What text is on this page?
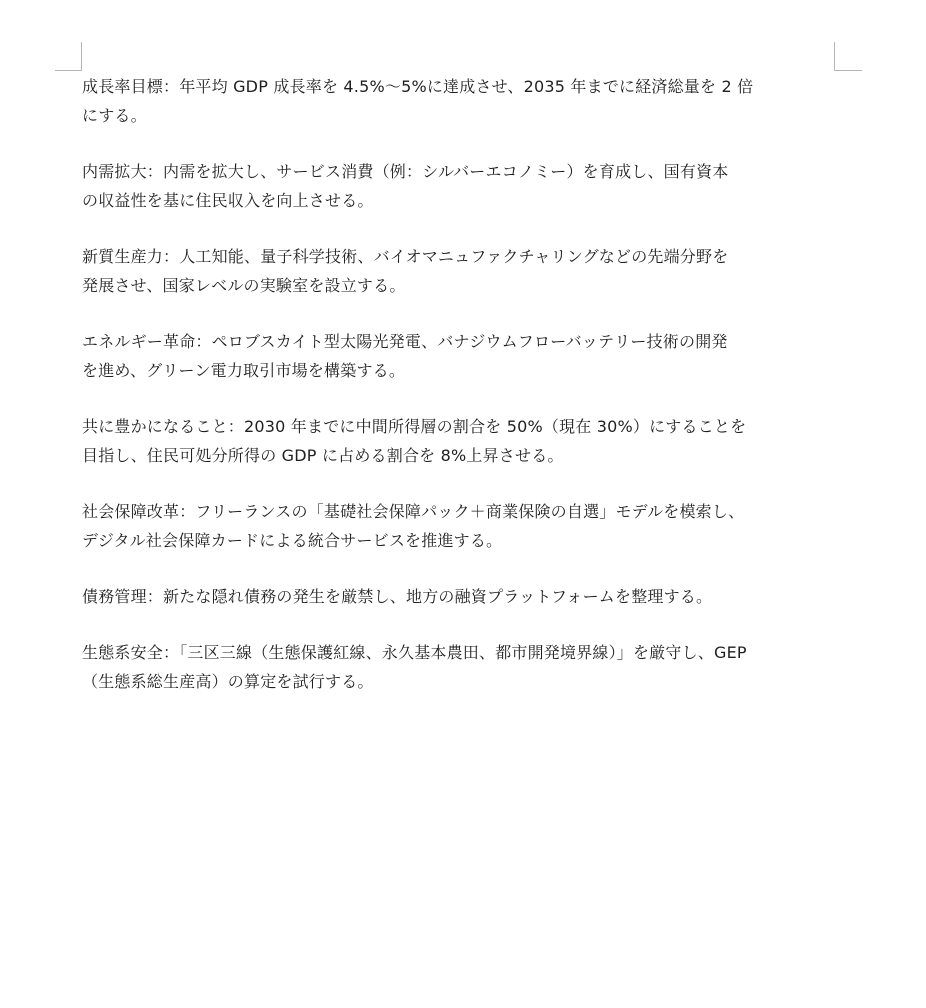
成長率目標：年平均 GDP 成長率を 4.5%〜5%に達成させ、2035 年までに経済総量を 2 倍
にする。

内需拡大：内需を拡大し、サービス消費（例：シルバーエコノミー）を育成し、国有資本
の収益性を基に住民収入を向上させる。

新質生産力：人工知能、量子科学技術、バイオマニュファクチャリングなどの先端分野を
発展させ、国家レベルの実験室を設立する。

エネルギー革命：ペロブスカイト型太陽光発電、バナジウムフローバッテリー技術の開発
を進め、グリーン電力取引市場を構築する。

共に豊かになること：2030 年までに中間所得層の割合を 50%（現在 30%）にすることを
目指し、住民可処分所得の GDP に占める割合を 8%上昇させる。

社会保障改革：フリーランスの「基礎社会保障パック＋商業保険の自選」モデルを模索し、
デジタル社会保障カードによる統合サービスを推進する。

債務管理：新たな隠れ債務の発生を厳禁し、地方の融資プラットフォームを整理する。

生態系安全：「三区三線（生態保護紅線、永久基本農田、都市開発境界線）」を厳守し、GEP
（生態系総生産高）の算定を試行する。
